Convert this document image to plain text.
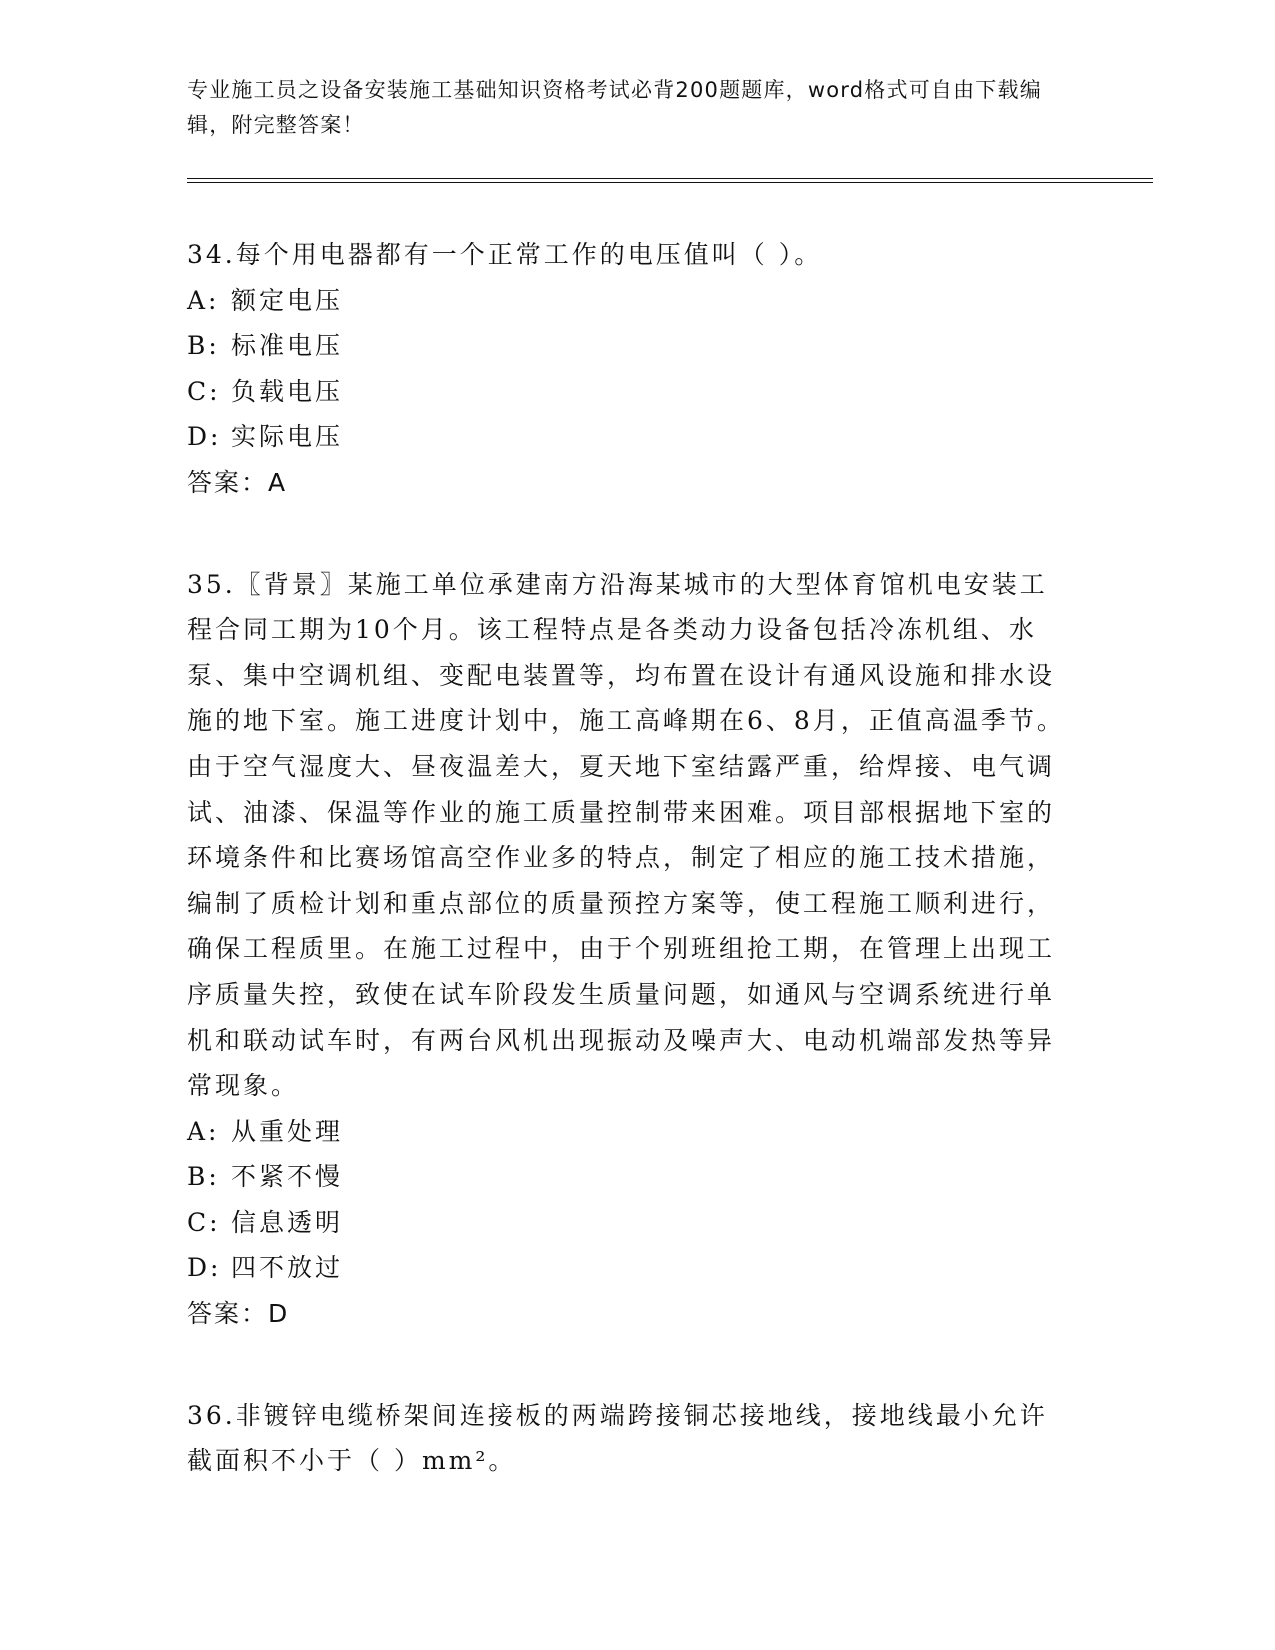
专业施工员之设备安装施工基础知识资格考试必背200题题库，word格式可自由下载编辑，附完整答案！

34.每个用电器都有一个正常工作的电压值叫（ ）。

A: 额定电压

B: 标准电压

C: 负载电压

D: 实际电压

答案：A

35.〖背景〗某施工单位承建南方沿海某城市的大型体育馆机电安装工程合同工期为10个月。该工程特点是各类动力设备包括冷冻机组、水泵、集中空调机组、变配电装置等，均布置在设计有通风设施和排水设施的地下室。施工进度计划中，施工高峰期在6、8月，正值高温季节。由于空气湿度大、昼夜温差大，夏天地下室结露严重，给焊接、电气调试、油漆、保温等作业的施工质量控制带来困难。项目部根据地下室的环境条件和比赛场馆高空作业多的特点，制定了相应的施工技术措施，编制了质检计划和重点部位的质量预控方案等，使工程施工顺利进行，确保工程质里。在施工过程中，由于个别班组抢工期，在管理上出现工序质量失控，致使在试车阶段发生质量问题，如通风与空调系统进行单机和联动试车时，有两台风机出现振动及噪声大、电动机端部发热等异常现象。

A: 从重处理

B: 不紧不慢

C: 信息透明

D: 四不放过

答案：D

36.非镀锌电缆桥架间连接板的两端跨接铜芯接地线，接地线最小允许截面积不小于（ ）mm²。
